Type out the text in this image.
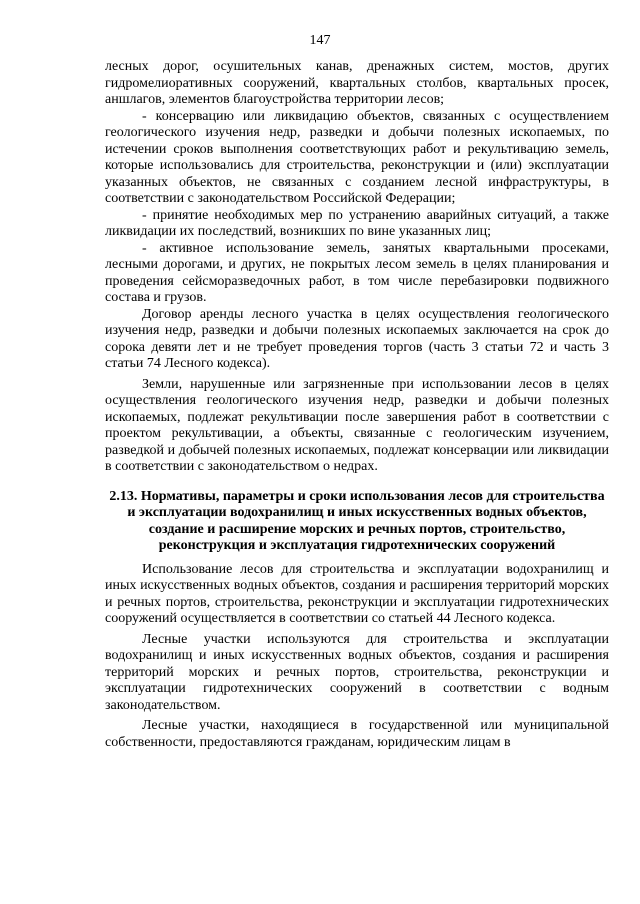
147

лесных дорог, осушительных канав, дренажных систем, мостов, других гидромелиоративных сооружений, квартальных столбов, квартальных просек, аншлагов, элементов благоустройства территории лесов;

- консервацию или ликвидацию объектов, связанных с осуществлением геологического изучения недр, разведки и добычи полезных ископаемых, по истечении сроков выполнения соответствующих работ и рекультивацию земель, которые использовались для строительства, реконструкции и (или) эксплуатации указанных объектов, не связанных с созданием лесной инфраструктуры, в соответствии с законодательством Российской Федерации;

- принятие необходимых мер по устранению аварийных ситуаций, а также ликвидации их последствий, возникших по вине указанных лиц;

- активное использование земель, занятых квартальными просеками, лесными дорогами, и других, не покрытых лесом земель в целях планирования и проведения сейсморазведочных работ, в том числе перебазировки подвижного состава и грузов.

Договор аренды лесного участка в целях осуществления геологического изучения недр, разведки и добычи полезных ископаемых заключается на срок до сорока девяти лет и не требует проведения торгов (часть 3 статьи 72 и часть 3 статьи 74 Лесного кодекса).

Земли, нарушенные или загрязненные при использовании лесов в целях осуществления геологического изучения недр, разведки и добычи полезных ископаемых, подлежат рекультивации после завершения работ в соответствии с проектом рекультивации, а объекты, связанные с геологическим изучением, разведкой и добычей полезных ископаемых, подлежат консервации или ликвидации в соответствии с законодательством о недрах.

2.13. Нормативы, параметры и сроки использования лесов для строительства и эксплуатации водохранилищ и иных искусственных водных объектов, создание и расширение морских и речных портов, строительство, реконструкция и эксплуатация гидротехнических сооружений

Использование лесов для строительства и эксплуатации водохранилищ и иных искусственных водных объектов, создания и расширения территорий морских и речных портов, строительства, реконструкции и эксплуатации гидротехнических сооружений осуществляется в соответствии со статьей 44 Лесного кодекса.

Лесные участки используются для строительства и эксплуатации водохранилищ и иных искусственных водных объектов, создания и расширения территорий морских и речных портов, строительства, реконструкции и эксплуатации гидротехнических сооружений в соответствии с водным законодательством.

Лесные участки, находящиеся в государственной или муниципальной собственности, предоставляются гражданам, юридическим лицам в
